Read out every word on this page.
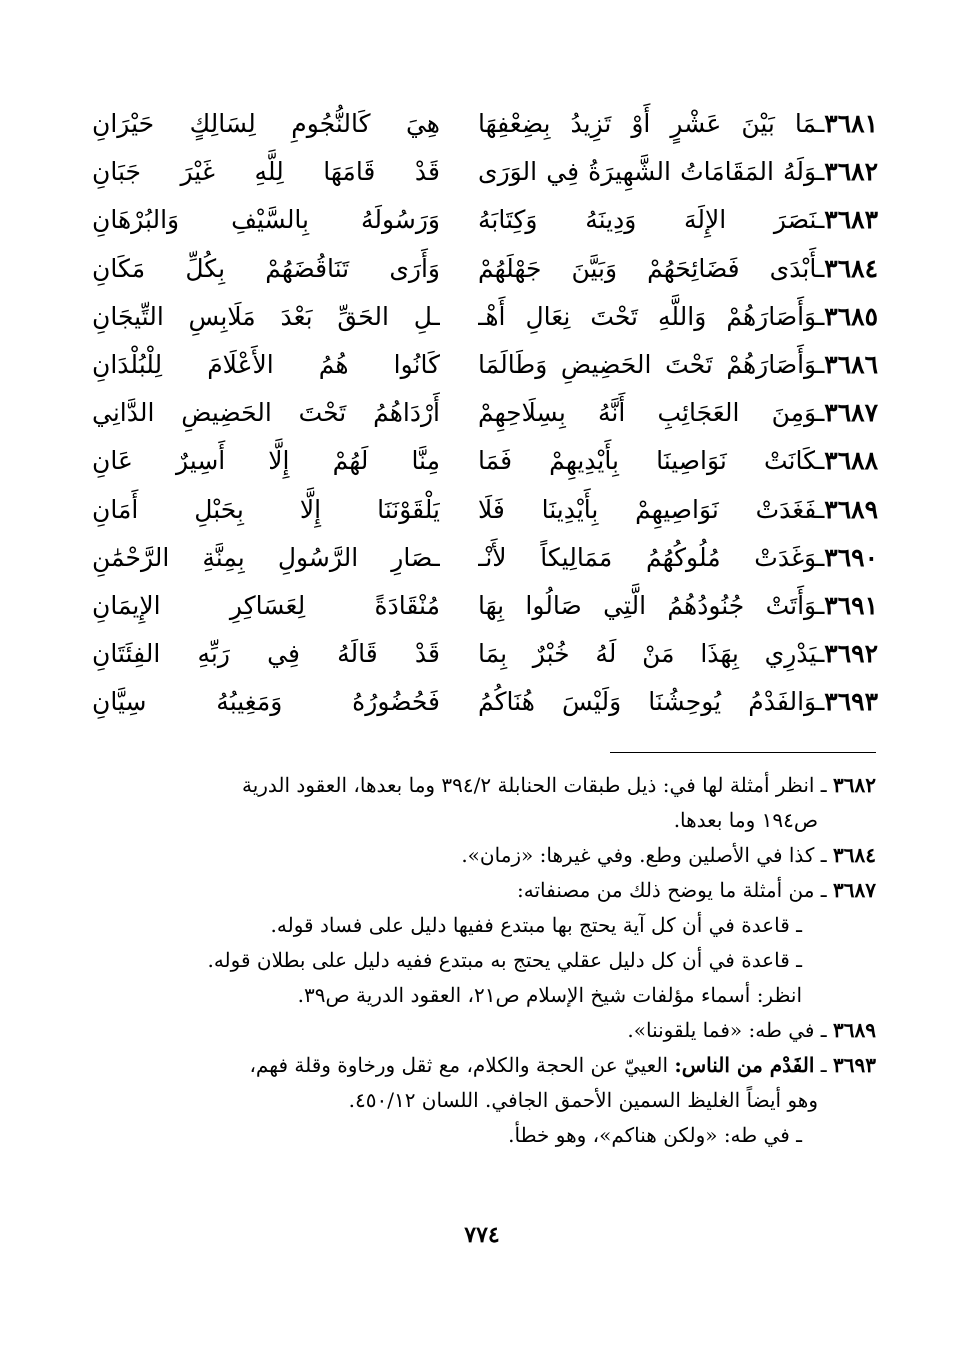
٣٦٨١ـمَا بَيْنَ عَشْرٍ أَوْ تَزِيدُ بِضِعْفِهَا
هِيَ كَالنُّجُومِ لِسَالِكٍ حَيْرَانِ
٣٦٨٢ـوَلَهُ المَقَامَاتُ الشَّهِيرَةُ فِي الوَرَى
قَدْ قَامَهَا لِلَّهِ غَيْرَ جَبَانِ
٣٦٨٣ـنَصَرَ الإِلَهَ وَدِينَهُ وَكِتَابَهُ
وَرَسُولَهُ بِالسَّيْفِ وَالبُرْهَانِ
٣٦٨٤ـأَبْدَى فَضَائِحَهُمْ وَبَيَّنَ جَهْلَهُمْ
وَأَرَى تَنَاقُضَهُمْ بِكُلِّ مَكَانِ
٣٦٨٥ـوَأَصَارَهُمْ وَاللَّهِ تَحْتَ نِعَالِ أَهْـ
ـلِ الحَقِّ بَعْدَ مَلَابِسِ التِّيجَانِ
٣٦٨٦ـوَأَصَارَهُمْ تَحْتَ الحَضِيضِ وَطَالَمَا
كَانُوا هُمُ الأَعْلَامَ لِلْبُلْدَانِ
٣٦٨٧ـوَمِنَ العَجَائِبِ أَنَّهُ بِسِلَاحِهِمْ
أَرْدَاهُمُ تَحْتَ الحَضِيضِ الدَّانِي
٣٦٨٨ـكَانَتْ نَوَاصِينَا بِأَيْدِيهِمْ فَمَا
مِنَّا لَهُمْ إِلَّا أَسِيرٌ عَانِ
٣٦٨٩ـفَغَدَتْ نَوَاصِيهِمْ بِأَيْدِينَا فَلَا
يَلْقَوْنَنَا إِلَّا بِحَبْلِ أَمَانِ
٣٦٩٠ـوَغَدَتْ مُلُوكُهُمُ مَمَالِيكاً لأَنْـ
ـصَارِ الرَّسُولِ بِمِنَّةِ الرَّحْمَٰنِ
٣٦٩١ـوَأَتَتْ جُنُودُهُمُ الَّتِي صَالُوا بِهَا
مُنْقَادَةً لِعَسَاكِرِ الإِيمَانِ
٣٦٩٢ـيَدْرِي بِهَذَا مَنْ لَهُ خُبْرٌ بِمَا
قَدْ قَالَهُ فِي رَبِّهِ الفِئَتَانِ
٣٦٩٣ـوَالفَدْمُ يُوحِشُنَا وَلَيْسَ هُنَاكُمُ
فَحُضُورُهُ وَمَغِيبُهُ سِيَّانِ
٣٦٨٢ ـ انظر أمثلة لها في: ذيل طبقات الحنابلة ٣٩٤/٢ وما بعدها، العقود الدرية
ص١٩٤ وما بعدها.
٣٦٨٤ ـ كذا في الأصلين وطع. وفي غيرها: «زمان».
٣٦٨٧ ـ من أمثلة ما يوضح ذلك من مصنفاته:
ـ قاعدة في أن كل آية يحتج بها مبتدع ففيها دليل على فساد قوله.
ـ قاعدة في أن كل دليل عقلي يحتج به مبتدع ففيه دليل على بطلان قوله.
انظر: أسماء مؤلفات شيخ الإسلام ص٢١، العقود الدرية ص٣٩.
٣٦٨٩ ـ في طه: «فما يلقوننا».
٣٦٩٣ ـ الفَدْم من الناس: العييّ عن الحجة والكلام، مع ثقل ورخاوة وقلة فهم،
وهو أيضاً الغليظ السمين الأحمق الجافي. اللسان ٤٥٠/١٢.
ـ في طه: «ولكن هناكم»، وهو خطأ.
٧٧٤
